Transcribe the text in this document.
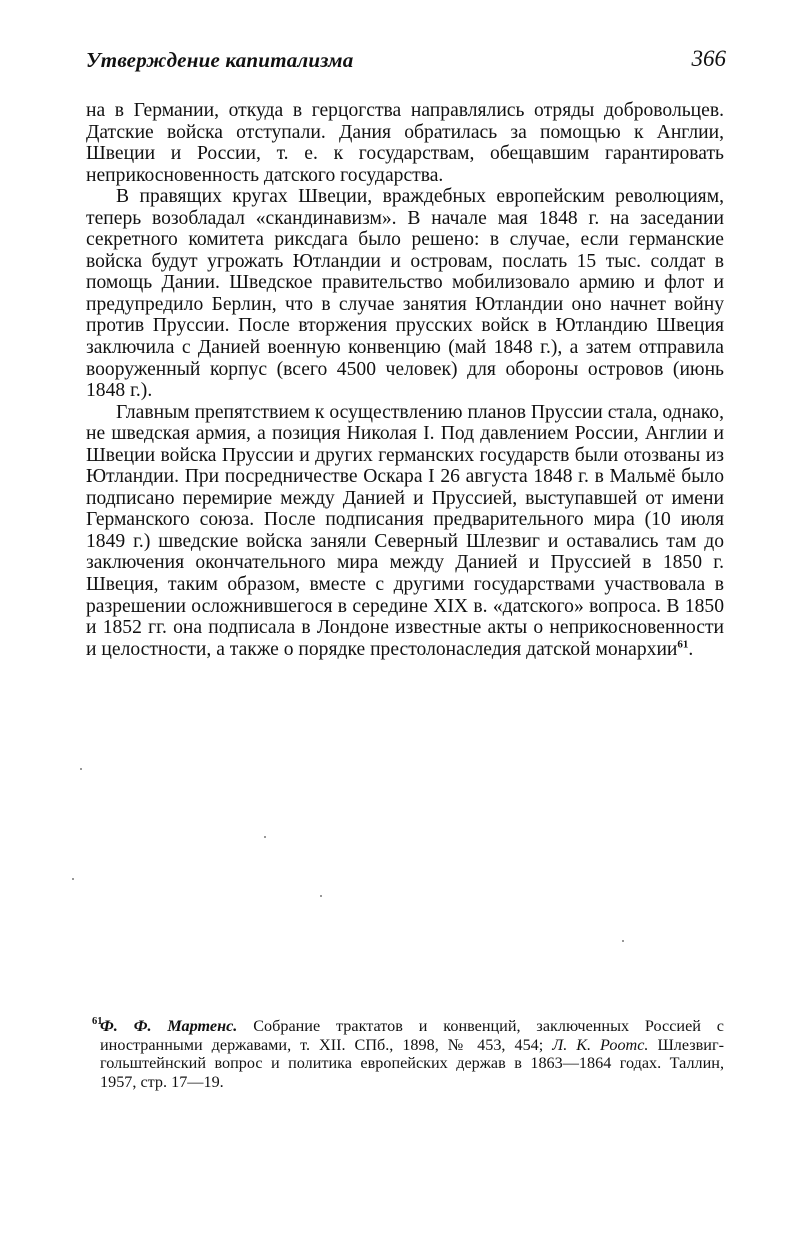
Утверждение капитализма	366

на в Германии, откуда в герцогства направлялись отряды добровольцев. Датские войска отступали. Дания обратилась за помощью к Англии, Швеции и России, т. е. к государствам, обещавшим гарантировать неприкосновенность датского государства.

В правящих кругах Швеции, враждебных европейским революциям, теперь возобладал «скандинавизм». В начале мая 1848 г. на заседании секретного комитета риксдага было решено: в случае, если германские войска будут угрожать Ютландии и островам, послать 15 тыс. солдат в помощь Дании. Шведское правительство мобилизовало армию и флот и предупредило Берлин, что в случае занятия Ютландии оно начнет войну против Пруссии. После вторжения прусских войск в Ютландию Швеция заключила с Данией военную конвенцию (май 1848 г.), а затем отправила вооруженный корпус (всего 4500 человек) для обороны островов (июнь 1848 г.).

Главным препятствием к осуществлению планов Пруссии стала, однако, не шведская армия, а позиция Николая I. Под давлением России, Англии и Швеции войска Пруссии и других германских государств были отозваны из Ютландии. При посредничестве Оскара I 26 августа 1848 г. в Мальмё было подписано перемирие между Данией и Пруссией, выступавшей от имени Германского союза. После подписания предварительного мира (10 июля 1849 г.) шведские войска заняли Северный Шлезвиг и оставались там до заключения окончательного мира между Данией и Пруссией в 1850 г. Швеция, таким образом, вместе с другими государствами участвовала в разрешении осложнившегося в середине XIX в. «датского» вопроса. В 1850 и 1852 гг. она подписала в Лондоне известные акты о неприкосновенности и целостности, а также о порядке престолонаследия датской монархии$^{61}$.

61
Ф. Ф. Мартенс. Собрание трактатов и конвенций, заключенных Россией с иностранными державами, т. XII. СПб., 1898, № 453, 454; Л. К. Роотс. Шлезвиг-гольштейнский вопрос и политика европейских держав в 1863—1864 годах. Таллин, 1957, стр. 17—19.
